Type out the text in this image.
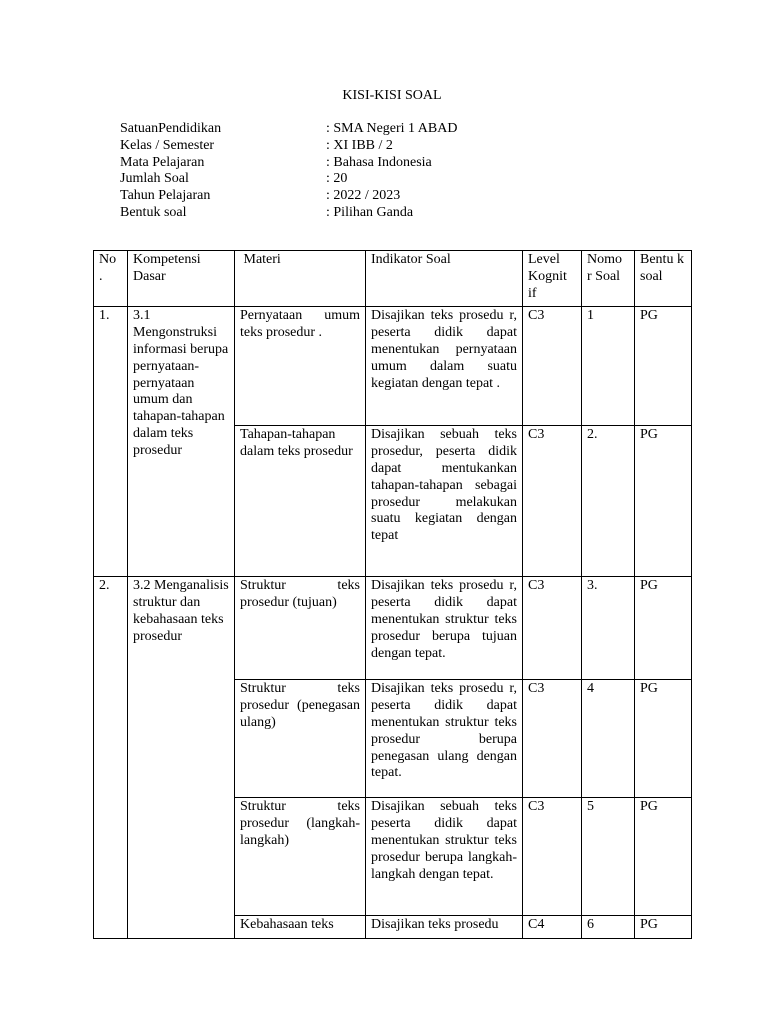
KISI-KISI SOAL
SatuanPendidikan	: SMA Negeri 1 ABAD
Kelas / Semester	: XI IBB / 2
Mata Pelajaran	: Bahasa Indonesia
Jumlah Soal	: 20
Tahun Pelajaran	: 2022 / 2023
Bentuk soal	: Pilihan Ganda
No .	Kompetensi Dasar	Materi	Indikator Soal	Level Kognit if	Nomo r Soal	Bentu k soal
1.	3.1 Mengonstruksi informasi berupa pernyataan-pernyataan umum dan tahapan-tahapan dalam teks prosedur	Pernyataan umum teks prosedur .	Disajikan teks prosedu r, peserta didik dapat menentukan pernyataan umum dalam suatu kegiatan dengan tepat .	C3	1	PG
		Tahapan-tahapan dalam teks prosedur	Disajikan sebuah teks prosedur, peserta didik dapat mentukankan tahapan-tahapan sebagai prosedur melakukan suatu kegiatan dengan tepat	C3	2.	PG
2.	3.2 Menganalisis struktur dan kebahasaan teks prosedur	Struktur teks prosedur (tujuan)	Disajikan teks prosedu r, peserta didik dapat menentukan struktur teks prosedur berupa tujuan dengan tepat.	C3	3.	PG
		Struktur teks prosedur (penegasan ulang)	Disajikan teks prosedu r, peserta didik dapat menentukan struktur teks prosedur berupa penegasan ulang dengan tepat.	C3	4	PG
		Struktur teks prosedur (langkah-langkah)	Disajikan sebuah teks peserta didik dapat menentukan struktur teks prosedur berupa langkah-langkah dengan tepat.	C3	5	PG
		Kebahasaan teks	Disajikan teks prosedu	C4	6	PG
